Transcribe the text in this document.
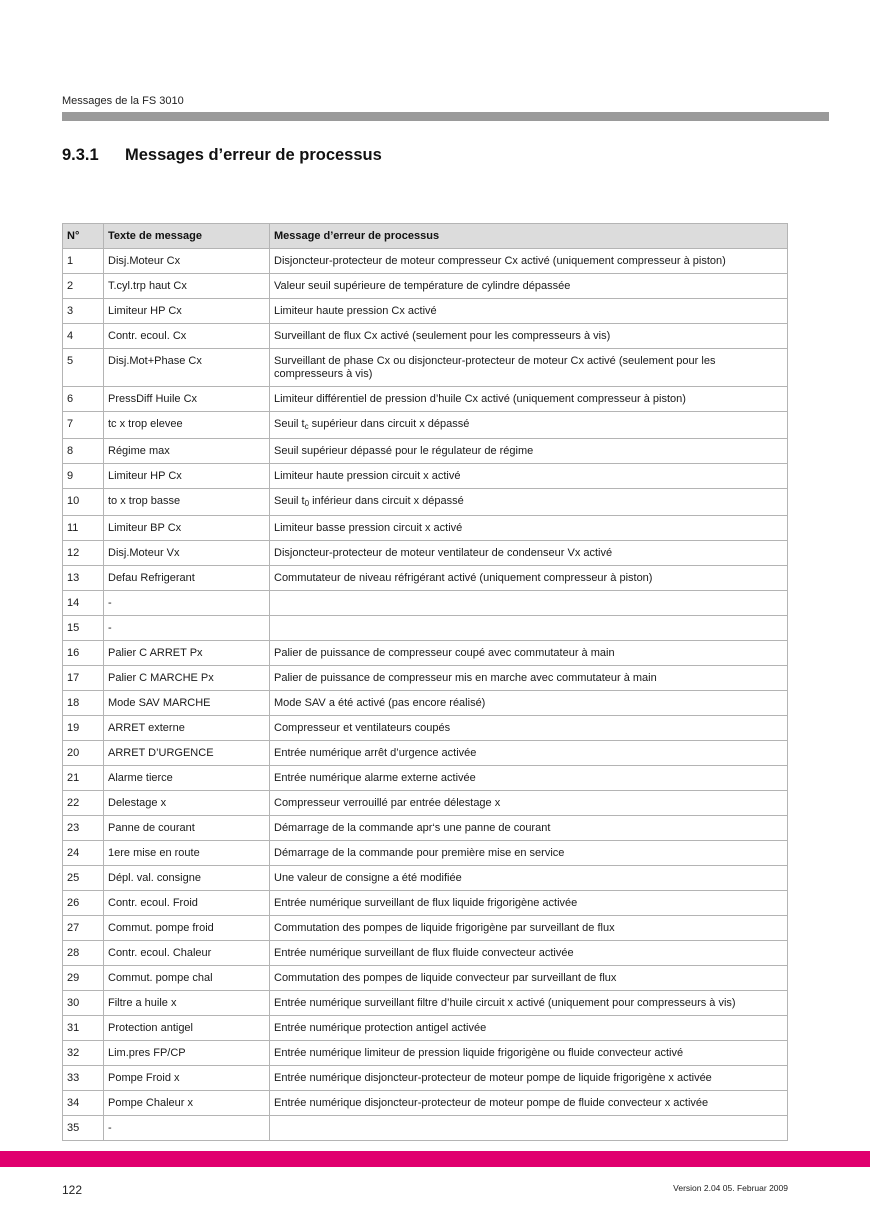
Messages de la FS 3010
9.3.1 Messages d’erreur de processus
N°	Texte de message	Message d’erreur de processus
1	Disj.Moteur Cx	Disjoncteur-protecteur de moteur compresseur Cx activé (uniquement compresseur à piston)
2	T.cyl.trp haut Cx	Valeur seuil supérieure de température de cylindre dépassée
3	Limiteur HP Cx	Limiteur haute pression Cx activé
4	Contr. ecoul. Cx	Surveillant de flux Cx activé (seulement pour les compresseurs à vis)
5	Disj.Mot+Phase Cx	Surveillant de phase Cx ou disjoncteur-protecteur de moteur Cx activé (seulement pour les compresseurs à vis)
6	PressDiff Huile Cx	Limiteur différentiel de pression d’huile Cx activé (uniquement compresseur à piston)
7	tc x trop elevee	Seuil $t_c$ supérieur dans circuit x dépassé
8	Régime max	Seuil supérieur dépassé pour le régulateur de régime
9	Limiteur HP Cx	Limiteur haute pression circuit x activé
10	to x trop basse	Seuil $t_0$ inférieur dans circuit x dépassé
11	Limiteur BP Cx	Limiteur basse pression circuit x activé
12	Disj.Moteur Vx	Disjoncteur-protecteur de moteur ventilateur de condenseur Vx activé
13	Defau Refrigerant	Commutateur de niveau réfrigérant activé (uniquement compresseur à piston)
14	-	
15	-	
16	Palier C ARRET Px	Palier de puissance de compresseur coupé avec commutateur à main
17	Palier C MARCHE Px	Palier de puissance de compresseur mis en marche avec commutateur à main
18	Mode SAV MARCHE	Mode SAV a été activé (pas encore réalisé)
19	ARRET externe	Compresseur et ventilateurs coupés
20	ARRET D’URGENCE	Entrée numérique arrêt d’urgence activée
21	Alarme tierce	Entrée numérique alarme externe activée
22	Delestage x	Compresseur verrouillé par entrée délestage x
23	Panne de courant	Démarrage de la commande apr‘s une panne de courant
24	1ere mise en route	Démarrage de la commande pour première mise en service
25	Dépl. val. consigne	Une valeur de consigne a été modifiée
26	Contr. ecoul. Froid	Entrée numérique surveillant de flux liquide frigorigène activée
27	Commut. pompe froid	Commutation des pompes de liquide frigorigène par surveillant de flux
28	Contr. ecoul. Chaleur	Entrée numérique surveillant de flux fluide convecteur activée
29	Commut. pompe chal	Commutation des pompes de liquide convecteur par surveillant de flux
30	Filtre a huile x	Entrée numérique surveillant filtre d’huile circuit x activé (uniquement pour compresseurs à vis)
31	Protection antigel	Entrée numérique protection antigel activée
32	Lim.pres FP/CP	Entrée numérique limiteur de pression liquide frigorigène ou fluide convecteur activé
33	Pompe Froid x	Entrée numérique disjoncteur-protecteur de moteur pompe de liquide frigorigène x activée
34	Pompe Chaleur x	Entrée numérique disjoncteur-protecteur de moteur pompe de fluide convecteur x activée
35	-	
122	Version 2.04 05. Februar 2009
